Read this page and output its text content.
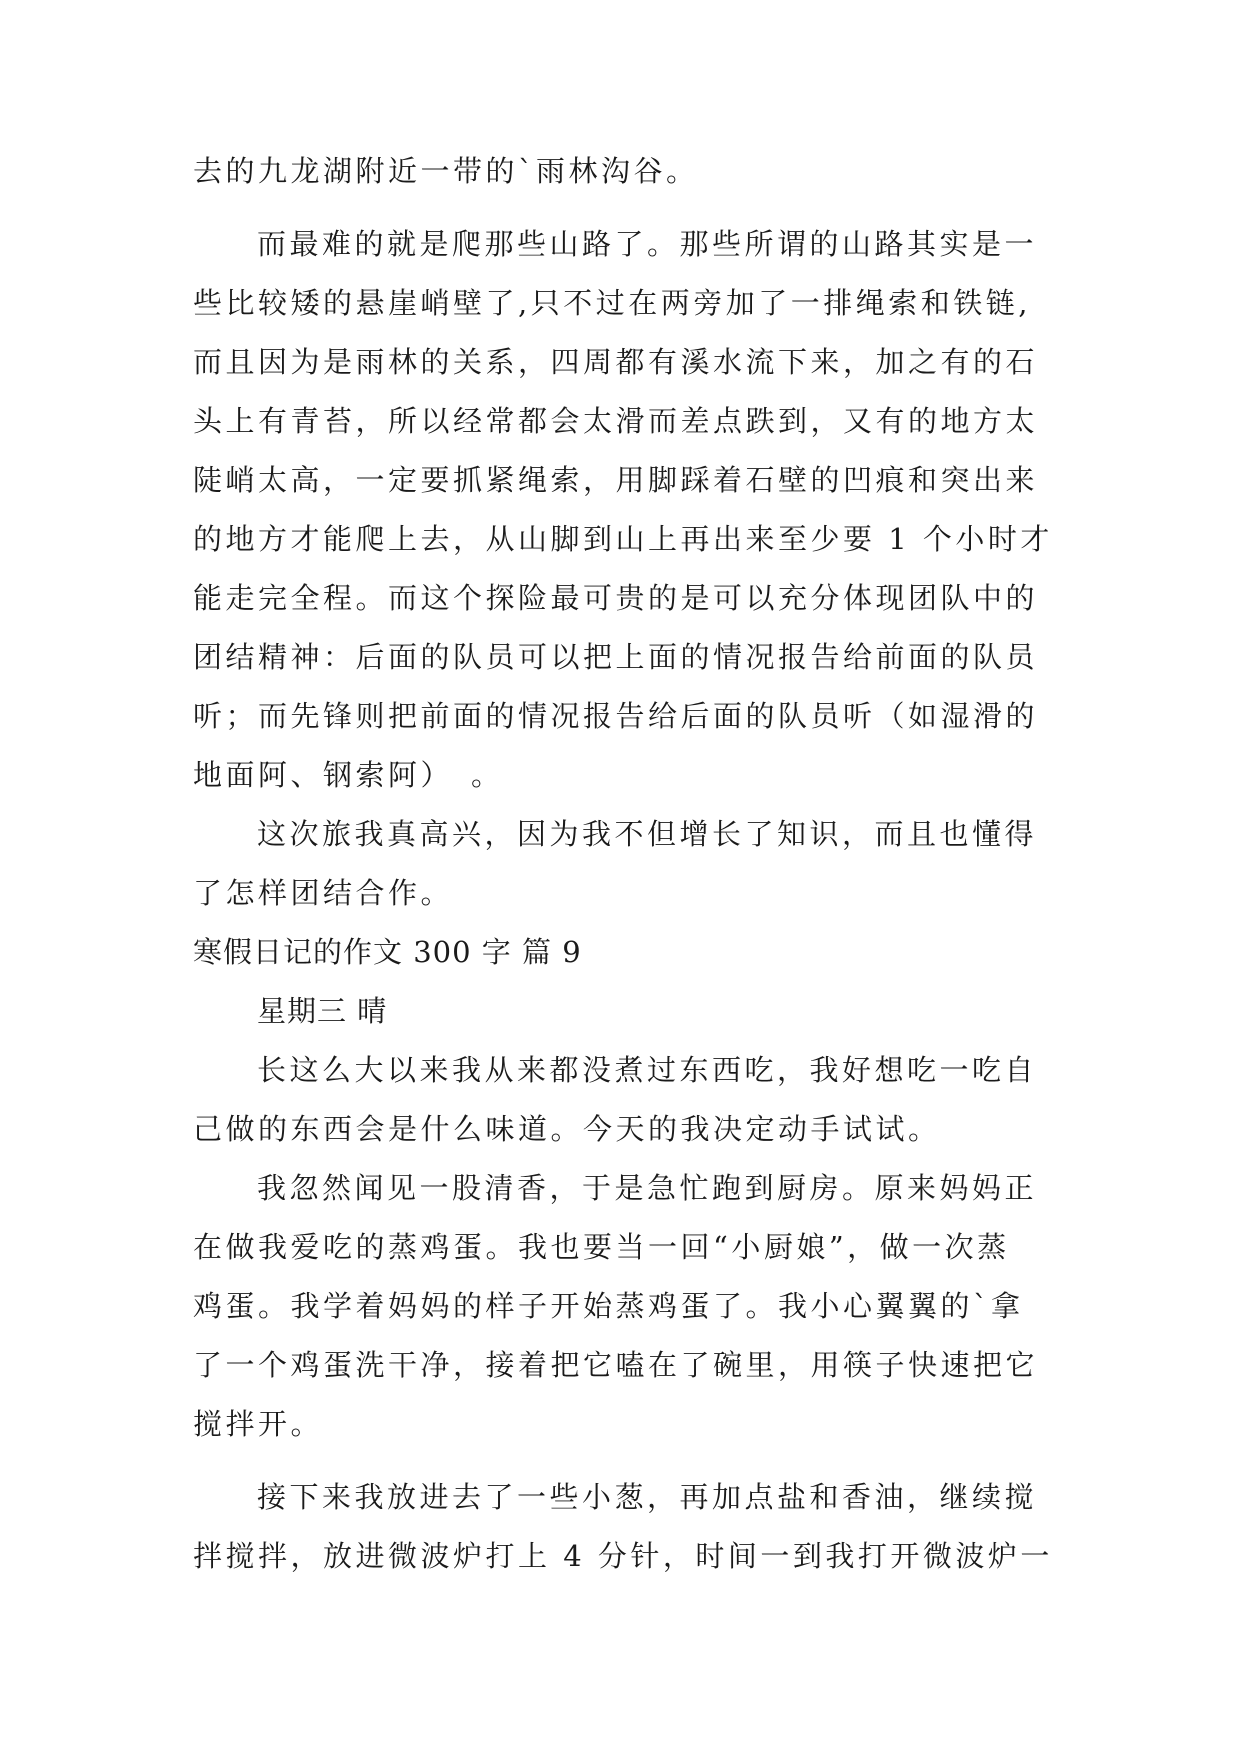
去的九龙湖附近一带的`雨林沟谷。
而最难的就是爬那些山路了。那些所谓的山路其实是一
些比较矮的悬崖峭壁了,只不过在两旁加了一排绳索和铁链,
而且因为是雨林的关系，四周都有溪水流下来，加之有的石
头上有青苔，所以经常都会太滑而差点跌到，又有的地方太
陡峭太高，一定要抓紧绳索，用脚踩着石壁的凹痕和突出来
的地方才能爬上去，从山脚到山上再出来至少要 1 个小时才
能走完全程。而这个探险最可贵的是可以充分体现团队中的
团结精神：后面的队员可以把上面的情况报告给前面的队员
听；而先锋则把前面的情况报告给后面的队员听（如湿滑的
地面阿、钢索阿）　。
这次旅我真高兴，因为我不但增长了知识，而且也懂得
了怎样团结合作。
寒假日记的作文 300 字 篇 9
星期三 晴
长这么大以来我从来都没煮过东西吃，我好想吃一吃自
己做的东西会是什么味道。今天的我决定动手试试。
我忽然闻见一股清香，于是急忙跑到厨房。原来妈妈正
在做我爱吃的蒸鸡蛋。我也要当一回“小厨娘”，做一次蒸
鸡蛋。我学着妈妈的样子开始蒸鸡蛋了。我小心翼翼的`拿
了一个鸡蛋洗干净，接着把它嗑在了碗里，用筷子快速把它
搅拌开。
接下来我放进去了一些小葱，再加点盐和香油，继续搅
拌搅拌，放进微波炉打上 4 分针，时间一到我打开微波炉一
